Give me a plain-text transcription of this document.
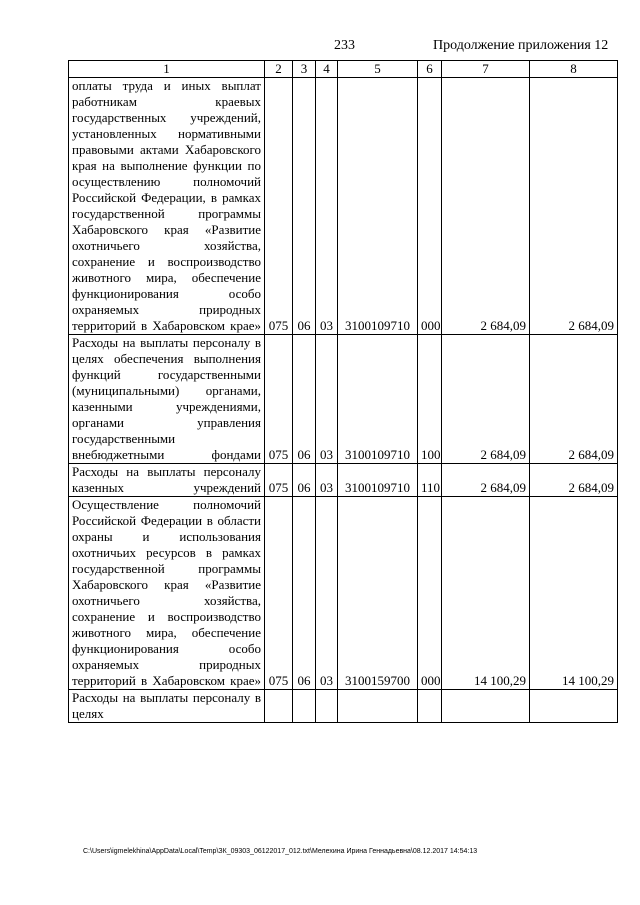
233	Продолжение приложения 12
1	2	3	4	5	6	7	8
оплаты труда и иных выплат работникам краевых государственных учреждений, установленных нормативными правовыми актами Хабаровского края на выполнение функции по осуществлению полномочий Российской Федерации, в рамках государственной программы Хабаровского края «Развитие охотничьего хозяйства, сохранение и воспроизводство животного мира, обеспечение функционирования особо охраняемых природных территорий в Хабаровском крае»	075	06	03	3100109710	000	2 684,09	2 684,09
Расходы на выплаты персоналу в целях обеспечения выполнения функций государственными (муниципальными) органами, казенными учреждениями, органами управления государственными внебюджетными фондами	075	06	03	3100109710	100	2 684,09	2 684,09
Расходы на выплаты персоналу казенных учреждений	075	06	03	3100109710	110	2 684,09	2 684,09
Осуществление полномочий Российской Федерации в области охраны и использования охотничьих ресурсов в рамках государственной программы Хабаровского края «Развитие охотничьего хозяйства, сохранение и воспроизводство животного мира, обеспечение функционирования особо охраняемых природных территорий в Хабаровском крае»	075	06	03	3100159700	000	14 100,29	14 100,29
Расходы на выплаты персоналу в целях							
C:\Users\igmelekhina\AppData\Local\Temp\ЗК_09303_06122017_012.txt\Мелехина Ирина Геннадьевна\08.12.2017 14:54:13
